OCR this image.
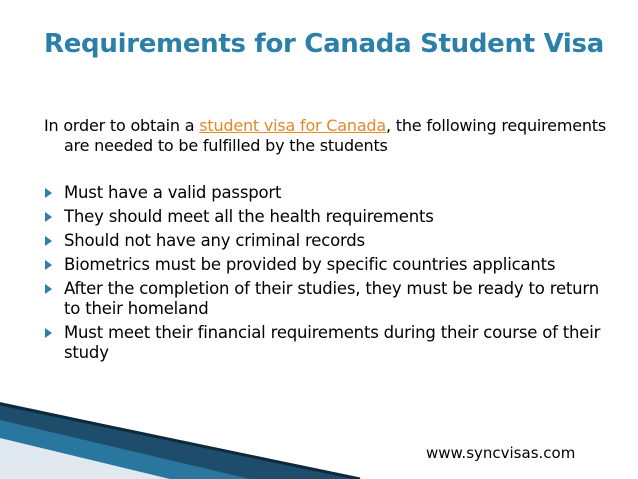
Requirements for Canada Student Visa
In order to obtain a student visa for Canada, the following requirements are needed to be fulfilled by the students
Must have a valid passport
They should meet all the health requirements
Should not have any criminal records
Biometrics must be provided by specific countries applicants
After the completion of their studies, they must be ready to return to their homeland
Must meet their financial requirements during their course of their study
www.syncvisas.com
